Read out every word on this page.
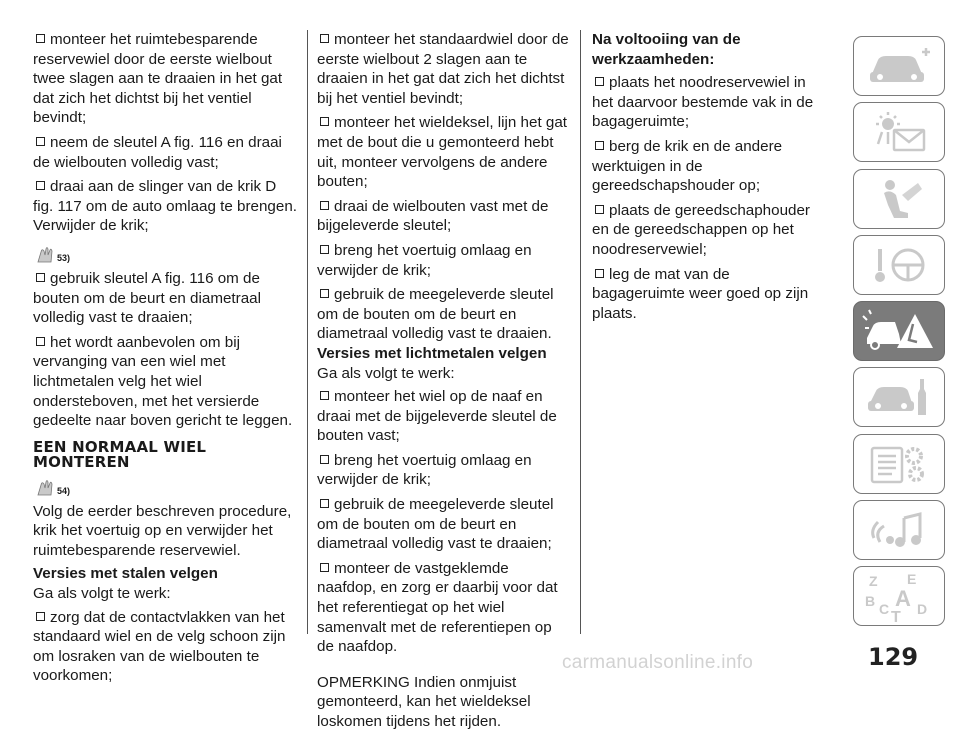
monteer het ruimtebesparende reservewiel door de eerste wielbout twee slagen aan te draaien in het gat dat zich het dichtst bij het ventiel bevindt;

neem de sleutel A fig. 116 en draai de wielbouten volledig vast;

draai aan de slinger van de krik D fig. 117 om de auto omlaag te brengen. Verwijder de krik;

53)

gebruik sleutel A fig. 116 om de bouten om de beurt en diametraal volledig vast te draaien;

het wordt aanbevolen om bij vervanging van een wiel met lichtmetalen velg het wiel ondersteboven, met het versierde gedeelte naar boven gericht te leggen.

EEN NORMAAL WIEL MONTEREN
54)

Volg de eerder beschreven procedure, krik het voertuig op en verwijder het ruimtebesparende reservewiel.

Versies met stalen velgen

Ga als volgt te werk:

zorg dat de contactvlakken van het standaard wiel en de velg schoon zijn om losraken van de wielbouten te voorkomen;

monteer het standaardwiel door de eerste wielbout 2 slagen aan te draaien in het gat dat zich het dichtst bij het ventiel bevindt;

monteer het wieldeksel, lijn het gat met de bout die u gemonteerd hebt uit, monteer vervolgens de andere bouten;

draai de wielbouten vast met de bijgeleverde sleutel;

breng het voertuig omlaag en verwijder de krik;

gebruik de meegeleverde sleutel om de bouten om de beurt en diametraal volledig vast te draaien.

Versies met lichtmetalen velgen

Ga als volgt te werk:

monteer het wiel op de naaf en draai met de bijgeleverde sleutel de bouten vast;

breng het voertuig omlaag en verwijder de krik;

gebruik de meegeleverde sleutel om de bouten om de beurt en diametraal volledig vast te draaien;

monteer de vastgeklemde naafdop, en zorg er daarbij voor dat het referentiegat op het wiel samenvalt met de referentiepen op de naafdop.

OPMERKING Indien onmjuist gemonteerd, kan het wieldeksel loskomen tijdens het rijden.

Na voltooiing van de werkzaamheden:

plaats het noodreservewiel in het daarvoor bestemde vak in de bagageruimte;

berg de krik en de andere werktuigen in de gereedschapshouder op;

plaats de gereedschaphouder en de gereedschappen op het noodreservewiel;

leg de mat van de bagageruimte weer goed op zijn plaats.

Z E
B A
C T D
129
carmanualsonline.info
